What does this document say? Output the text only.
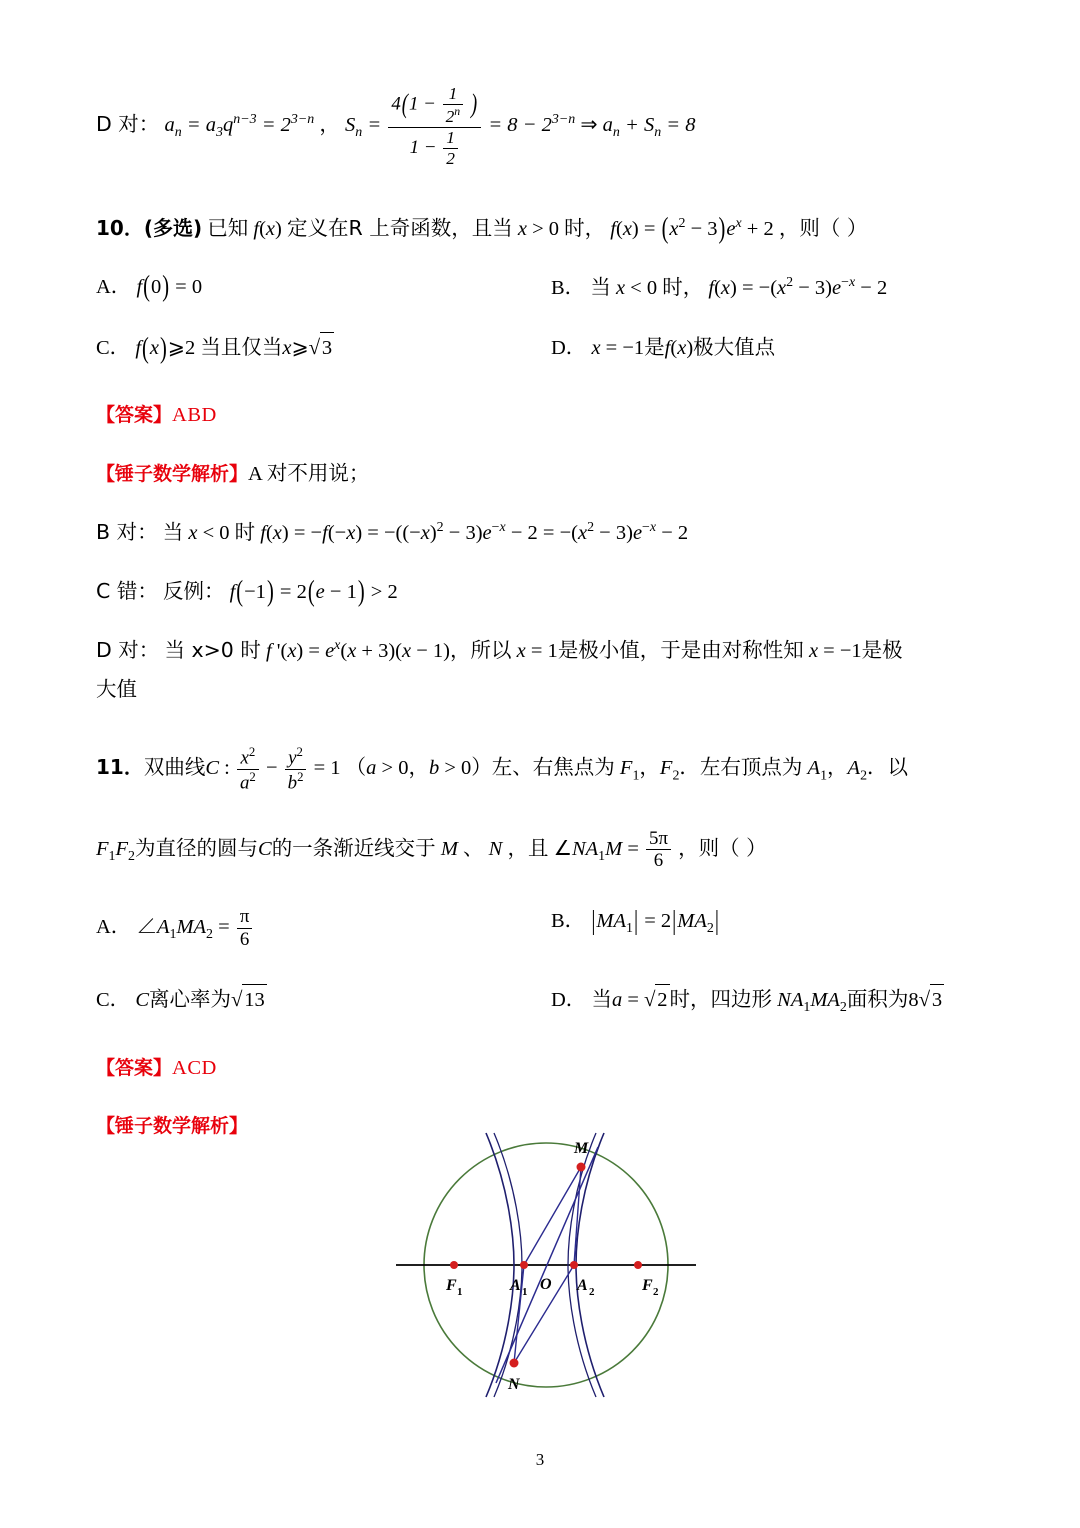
D 对： $a_n = a_3q^{n-3} = 2^{3-n}$ ， $S_n = \frac{4(1 - \frac{1}{2^n} )}{1 - \frac{1}{2}} = 8 - 2^{3-n}$ ⇒ $a_n + S_n = 8$
10．(多选) 已知 f(x) 定义在R 上奇函数，且当 x > 0 时， $f(x) = (x^2 - 3)e^x + 2$ ，则（ ）
A． f(0) = 0	B． 当 x < 0 时， $f(x) = -(x^2 - 3)e^{-x} - 2$
C． f(x)⩾2 当且仅当x⩾ √ 3	D． x = −1是f(x)极大值点
【答案】ABD
【锤子数学解析】A 对不用说；
B 对： 当 x < 0 时 $f(x) = -f(-x) = -((-x)^2 - 3)e^{-x} - 2 = -(x^2 - 3)e^{-x} - 2$
C 错： 反例： f(−1) = 2(e − 1) > 2
D 对： 当 x>0 时 f '$(x) = e^x(x + 3)(x - 1)$，所以 x = 1是极小值，于是由对称性知 x = −1是极
大值
11．双曲线C : $\frac{x^2}{a^2} - \frac{y^2}{b^2} = 1$ （a > 0，b > 0）左、右焦点为 $F_1$，$F_2$．左右顶点为 $A_1$，$A_2$．以
$F_1F_2$为直径的圆与C的一条渐近线交于 M 、 N ，且 $\angle NA_1M = \frac{5\pi}{6}$ ，则（ ）
A． $\angle A_1MA_2 = \frac{\pi}{6}$	B． $|MA_1| = 2|MA_2|$
C． C离心率为 √ 13	D． 当a = √ 2时，四边形 $NA_1MA_2$面积为8 √ 3
【答案】ACD
【锤子数学解析】
F 1	A 1 O A 2	F 2
M
N
3
